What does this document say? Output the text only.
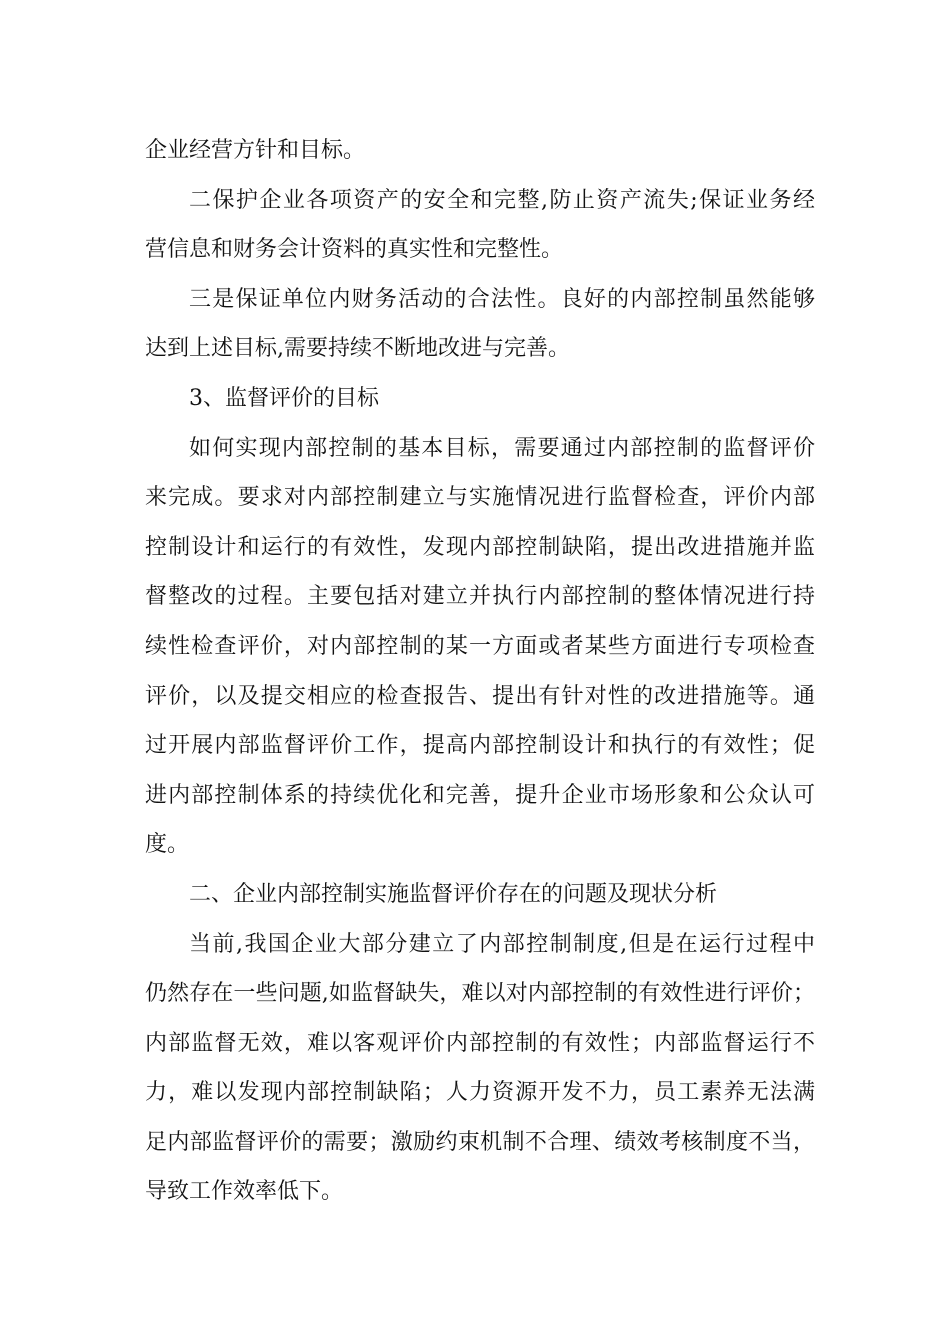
企业经营方针和目标。
二保护企业各项资产的安全和完整,防止资产流失;保证业务经
营信息和财务会计资料的真实性和完整性。
三是保证单位内财务活动的合法性。良好的内部控制虽然能够
达到上述目标,需要持续不断地改进与完善。
3、监督评价的目标
如何实现内部控制的基本目标，需要通过内部控制的监督评价
来完成。要求对内部控制建立与实施情况进行监督检查，评价内部
控制设计和运行的有效性，发现内部控制缺陷，提出改进措施并监
督整改的过程。主要包括对建立并执行内部控制的整体情况进行持
续性检查评价，对内部控制的某一方面或者某些方面进行专项检查
评价，以及提交相应的检查报告、提出有针对性的改进措施等。通
过开展内部监督评价工作，提高内部控制设计和执行的有效性；促
进内部控制体系的持续优化和完善，提升企业市场形象和公众认可
度。
二、企业内部控制实施监督评价存在的问题及现状分析
当前,我国企业大部分建立了内部控制制度,但是在运行过程中
仍然存在一些问题,如监督缺失，难以对内部控制的有效性进行评价；
内部监督无效，难以客观评价内部控制的有效性；内部监督运行不
力，难以发现内部控制缺陷；人力资源开发不力，员工素养无法满
足内部监督评价的需要；激励约束机制不合理、绩效考核制度不当，
导致工作效率低下。
